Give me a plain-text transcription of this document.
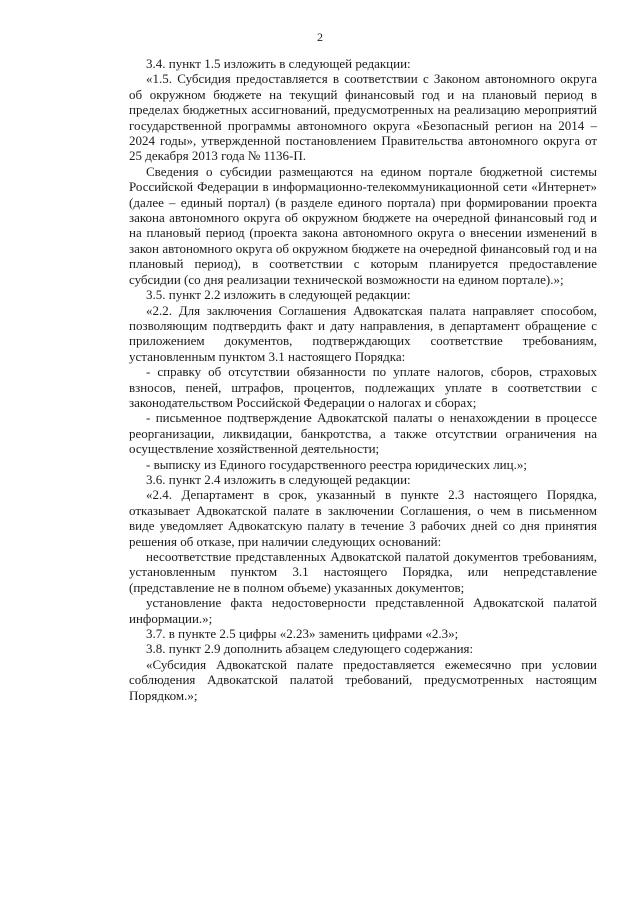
2

3.4. пункт 1.5 изложить в следующей редакции:

«1.5. Субсидия предоставляется в соответствии с Законом автономного округа об окружном бюджете на текущий финансовый год и на плановый период в пределах бюджетных ассигнований, предусмотренных на реализацию мероприятий государственной программы автономного округа «Безопасный регион на 2014 – 2024 годы», утвержденной постановлением Правительства автономного округа от 25 декабря 2013 года № 1136-П.

Сведения о субсидии размещаются на едином портале бюджетной системы Российской Федерации в информационно-телекоммуникационной сети «Интернет» (далее – единый портал) (в разделе единого портала) при формировании проекта закона автономного округа об окружном бюджете на очередной финансовый год и на плановый период (проекта закона автономного округа о внесении изменений в закон автономного округа об окружном бюджете на очередной финансовый год и на плановый период), в соответствии с которым планируется предоставление субсидии (со дня реализации технической возможности на едином портале).»;

3.5. пункт 2.2 изложить в следующей редакции:

«2.2. Для заключения Соглашения Адвокатская палата направляет способом, позволяющим подтвердить факт и дату направления, в департамент обращение с приложением документов, подтверждающих соответствие требованиям, установленным пунктом 3.1 настоящего Порядка:

- справку об отсутствии обязанности по уплате налогов, сборов, страховых взносов, пеней, штрафов, процентов, подлежащих уплате в соответствии с законодательством Российской Федерации о налогах и сборах;

- письменное подтверждение Адвокатской палаты о ненахождении в процессе реорганизации, ликвидации, банкротства, а также отсутствии ограничения на осуществление хозяйственной деятельности;

- выписку из Единого государственного реестра юридических лиц.»;

3.6. пункт 2.4 изложить в следующей редакции:

«2.4. Департамент в срок, указанный в пункте 2.3 настоящего Порядка, отказывает Адвокатской палате в заключении Соглашения, о чем в письменном виде уведомляет Адвокатскую палату в течение 3 рабочих дней со дня принятия решения об отказе, при наличии следующих оснований:

несоответствие представленных Адвокатской палатой документов требованиям, установленным пунктом 3.1 настоящего Порядка, или непредставление (представление не в полном объеме) указанных документов;

установление факта недостоверности представленной Адвокатской палатой информации.»;

3.7. в пункте 2.5 цифры «2.23» заменить цифрами «2.3»;

3.8. пункт 2.9 дополнить абзацем следующего содержания:

«Субсидия Адвокатской палате предоставляется ежемесячно при условии соблюдения Адвокатской палатой требований, предусмотренных настоящим Порядком.»;
